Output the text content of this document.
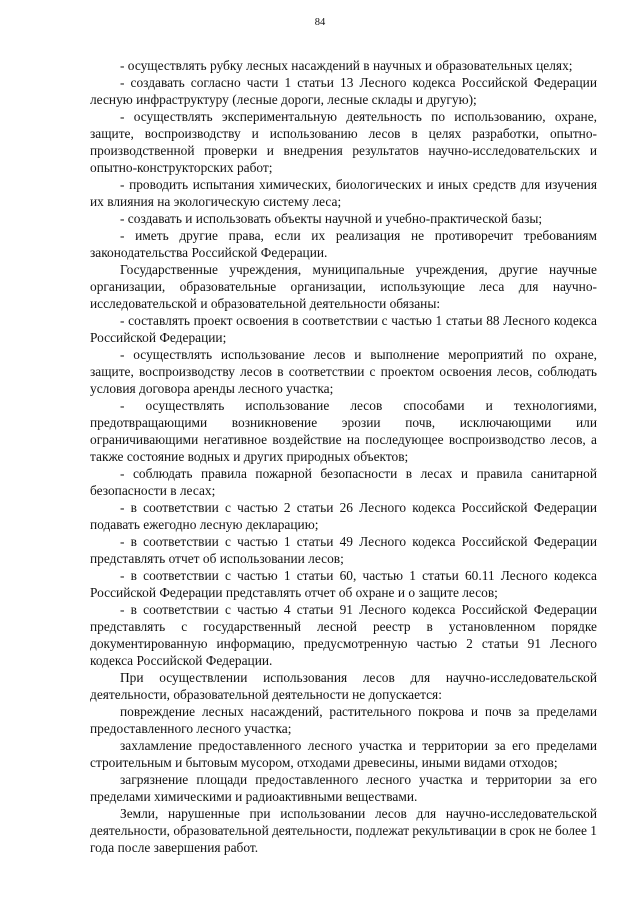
84

- осуществлять рубку лесных насаждений в научных и образовательных целях;

- создавать согласно части 1 статьи 13 Лесного кодекса Российской Федерации лесную инфраструктуру (лесные дороги, лесные склады и другую);

- осуществлять экспериментальную деятельность по использованию, охране, защите, воспроизводству и использованию лесов в целях разработки, опытно-производственной проверки и внедрения результатов научно-исследовательских и опытно-конструкторских работ;

- проводить испытания химических, биологических и иных средств для изучения их влияния на экологическую систему леса;

- создавать и использовать объекты научной и учебно-практической базы;

- иметь другие права, если их реализация не противоречит требованиям законодательства Российской Федерации.

Государственные учреждения, муниципальные учреждения, другие научные организации, образовательные организации, использующие леса для научно-исследовательской и образовательной деятельности обязаны:

- составлять проект освоения в соответствии с частью 1 статьи 88 Лесного кодекса Российской Федерации;

- осуществлять использование лесов и выполнение мероприятий по охране, защите, воспроизводству лесов в соответствии с проектом освоения лесов, соблюдать условия договора аренды лесного участка;

- осуществлять использование лесов способами и технологиями, предотвращающими возникновение эрозии почв, исключающими или ограничивающими негативное воздействие на последующее воспроизводство лесов, а также состояние водных и других природных объектов;

- соблюдать правила пожарной безопасности в лесах и правила санитарной безопасности в лесах;

- в соответствии с частью 2 статьи 26 Лесного кодекса Российской Федерации подавать ежегодно лесную декларацию;

- в соответствии с частью 1 статьи 49 Лесного кодекса Российской Федерации представлять отчет об использовании лесов;

- в соответствии с частью 1 статьи 60, частью 1 статьи 60.11 Лесного кодекса Российской Федерации представлять отчет об охране и о защите лесов;

- в соответствии с частью 4 статьи 91 Лесного кодекса Российской Федерации представлять с государственный лесной реестр в установленном порядке документированную информацию, предусмотренную частью 2 статьи 91 Лесного кодекса Российской Федерации.

При осуществлении использования лесов для научно-исследовательской деятельности, образовательной деятельности не допускается:

повреждение лесных насаждений, растительного покрова и почв за пределами предоставленного лесного участка;

захламление предоставленного лесного участка и территории за его пределами строительным и бытовым мусором, отходами древесины, иными видами отходов;

загрязнение площади предоставленного лесного участка и территории за его пределами химическими и радиоактивными веществами.

Земли, нарушенные при использовании лесов для научно-исследовательской деятельности, образовательной деятельности, подлежат рекультивации в срок не более 1 года после завершения работ.
